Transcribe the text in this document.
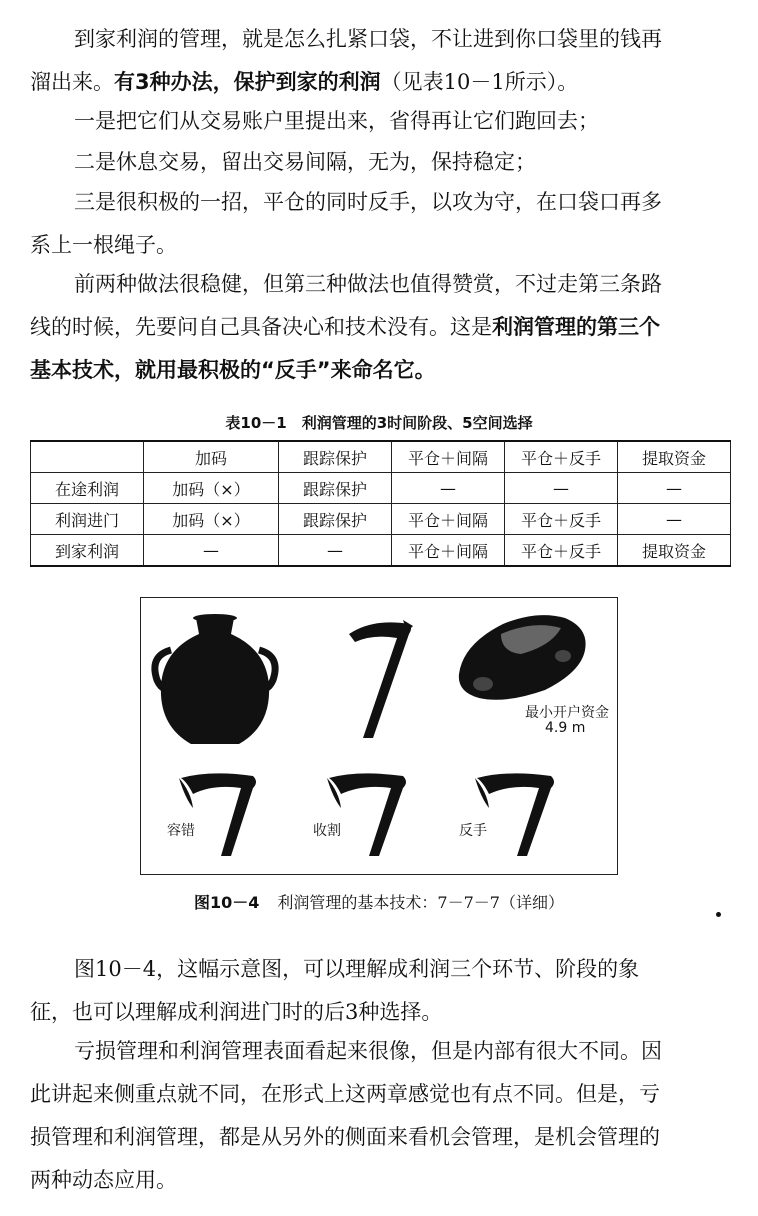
到家利润的管理，就是怎么扎紧口袋，不让进到你口袋里的钱再
溜出来。有3种办法，保护到家的利润（见表10－1所示）。

一是把它们从交易账户里提出来，省得再让它们跑回去；

二是休息交易，留出交易间隔，无为，保持稳定；

三是很积极的一招，平仓的同时反手，以攻为守，在口袋口再多
系上一根绳子。

前两种做法很稳健，但第三种做法也值得赞赏，不过走第三条路
线的时候，先要问自己具备决心和技术没有。这是利润管理的第三个
基本技术，就用最积极的“反手”来命名它。

表10－1　利润管理的3时间阶段、5空间选择
	加码	跟踪保护	平仓＋间隔	平仓＋反手	提取资金
在途利润	加码（×）	跟踪保护	—	—	—
利润进门	加码（×）	跟踪保护	平仓＋间隔	平仓＋反手	—
到家利润	—	—	平仓＋间隔	平仓＋反手	提取资金
最小开户资金
4.9 m
容错	收割	反手
图10－4 利润管理的基本技术：7－7－7（详细）

图10－4，这幅示意图，可以理解成利润三个环节、阶段的象
征，也可以理解成利润进门时的后3种选择。

亏损管理和利润管理表面看起来很像，但是内部有很大不同。因
此讲起来侧重点就不同，在形式上这两章感觉也有点不同。但是，亏
损管理和利润管理，都是从另外的侧面来看机会管理，是机会管理的
两种动态应用。
